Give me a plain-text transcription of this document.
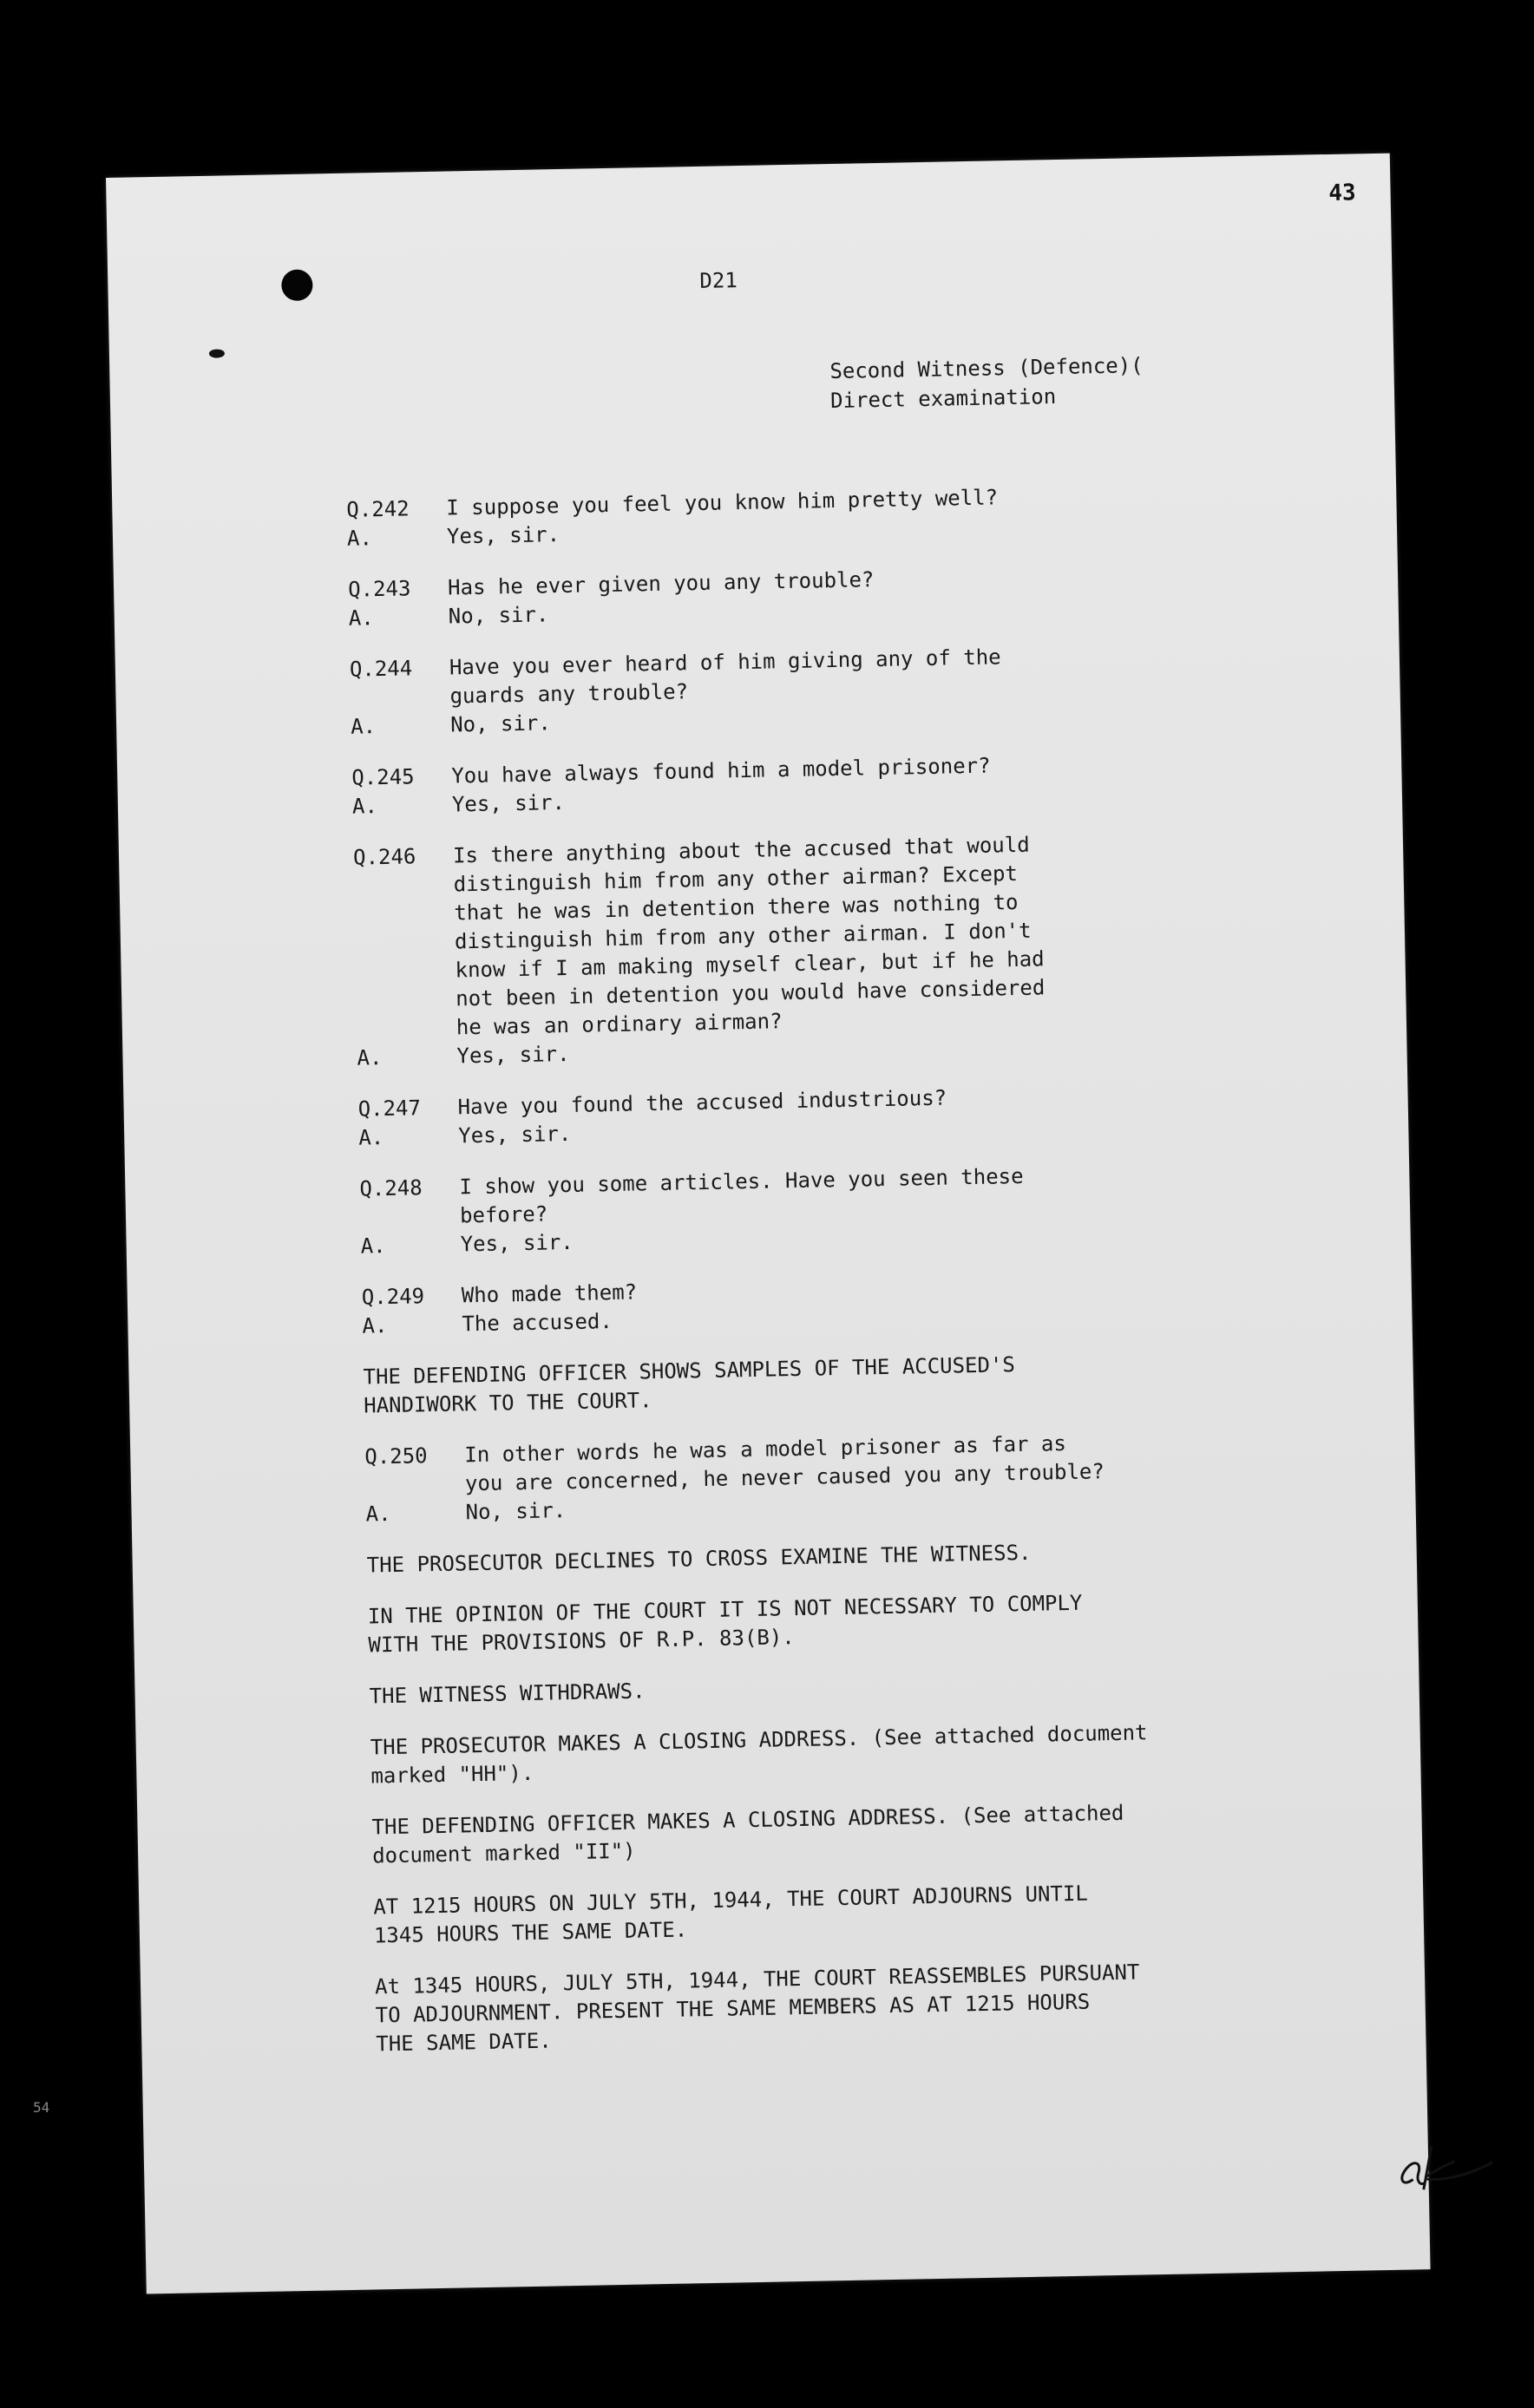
43
D21
Second Witness (Defence)(
Direct examination
Q.242	I suppose you feel you know him pretty well?
A.	Yes, sir.
Q.243	Has he ever given you any trouble?
A.	No, sir.
Q.244	Have you ever heard of him giving any of the
guards any trouble?
A.	No, sir.
Q.245	You have always found him a model prisoner?
A.	Yes, sir.
Q.246	Is there anything about the accused that would
distinguish him from any other airman? Except
that he was in detention there was nothing to
distinguish him from any other airman. I don't
know if I am making myself clear, but if he had
not been in detention you would have considered
he was an ordinary airman?
A.	Yes, sir.
Q.247	Have you found the accused industrious?
A.	Yes, sir.
Q.248	I show you some articles. Have you seen these
before?
A.	Yes, sir.
Q.249	Who made them?
A.	The accused.
THE DEFENDING OFFICER SHOWS SAMPLES OF THE ACCUSED'S
HANDIWORK TO THE COURT.
Q.250	In other words he was a model prisoner as far as
you are concerned, he never caused you any trouble?
A.	No, sir.
THE PROSECUTOR DECLINES TO CROSS EXAMINE THE WITNESS.
IN THE OPINION OF THE COURT IT IS NOT NECESSARY TO COMPLY
WITH THE PROVISIONS OF R.P. 83(B).
THE WITNESS WITHDRAWS.
THE PROSECUTOR MAKES A CLOSING ADDRESS. (See attached document
marked "HH").
THE DEFENDING OFFICER MAKES A CLOSING ADDRESS. (See attached
document marked "II")
AT 1215 HOURS ON JULY 5TH, 1944, THE COURT ADJOURNS UNTIL
1345 HOURS THE SAME DATE.
At 1345 HOURS, JULY 5TH, 1944, THE COURT REASSEMBLES PURSUANT
TO ADJOURNMENT. PRESENT THE SAME MEMBERS AS AT 1215 HOURS
THE SAME DATE.
54
